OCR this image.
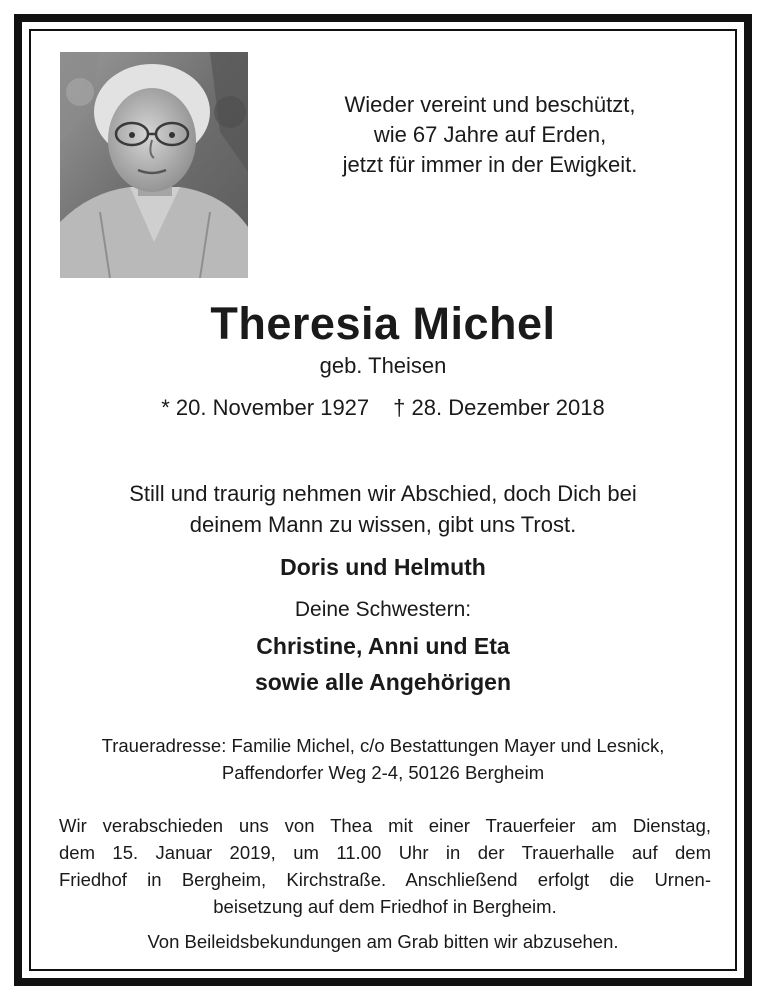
Wieder vereint und beschützt,
wie 67 Jahre auf Erden,
jetzt für immer in der Ewigkeit.
Theresia Michel
geb. Theisen
* 20. November 1927 † 28. Dezember 2018
Still und traurig nehmen wir Abschied, doch Dich bei
deinem Mann zu wissen, gibt uns Trost.
Doris und Helmuth
Deine Schwestern:
Christine, Anni und Eta
sowie alle Angehörigen
Traueradresse: Familie Michel, c/o Bestattungen Mayer und Lesnick,
Paffendorfer Weg 2-4, 50126 Bergheim
Wir verabschieden uns von Thea mit einer Trauerfeier am Dienstag,
dem 15. Januar 2019, um 11.00 Uhr in der Trauerhalle auf dem
Friedhof in Bergheim, Kirchstraße. Anschließend erfolgt die Urnen-
beisetzung auf dem Friedhof in Bergheim.
Von Beileidsbekundungen am Grab bitten wir abzusehen.
